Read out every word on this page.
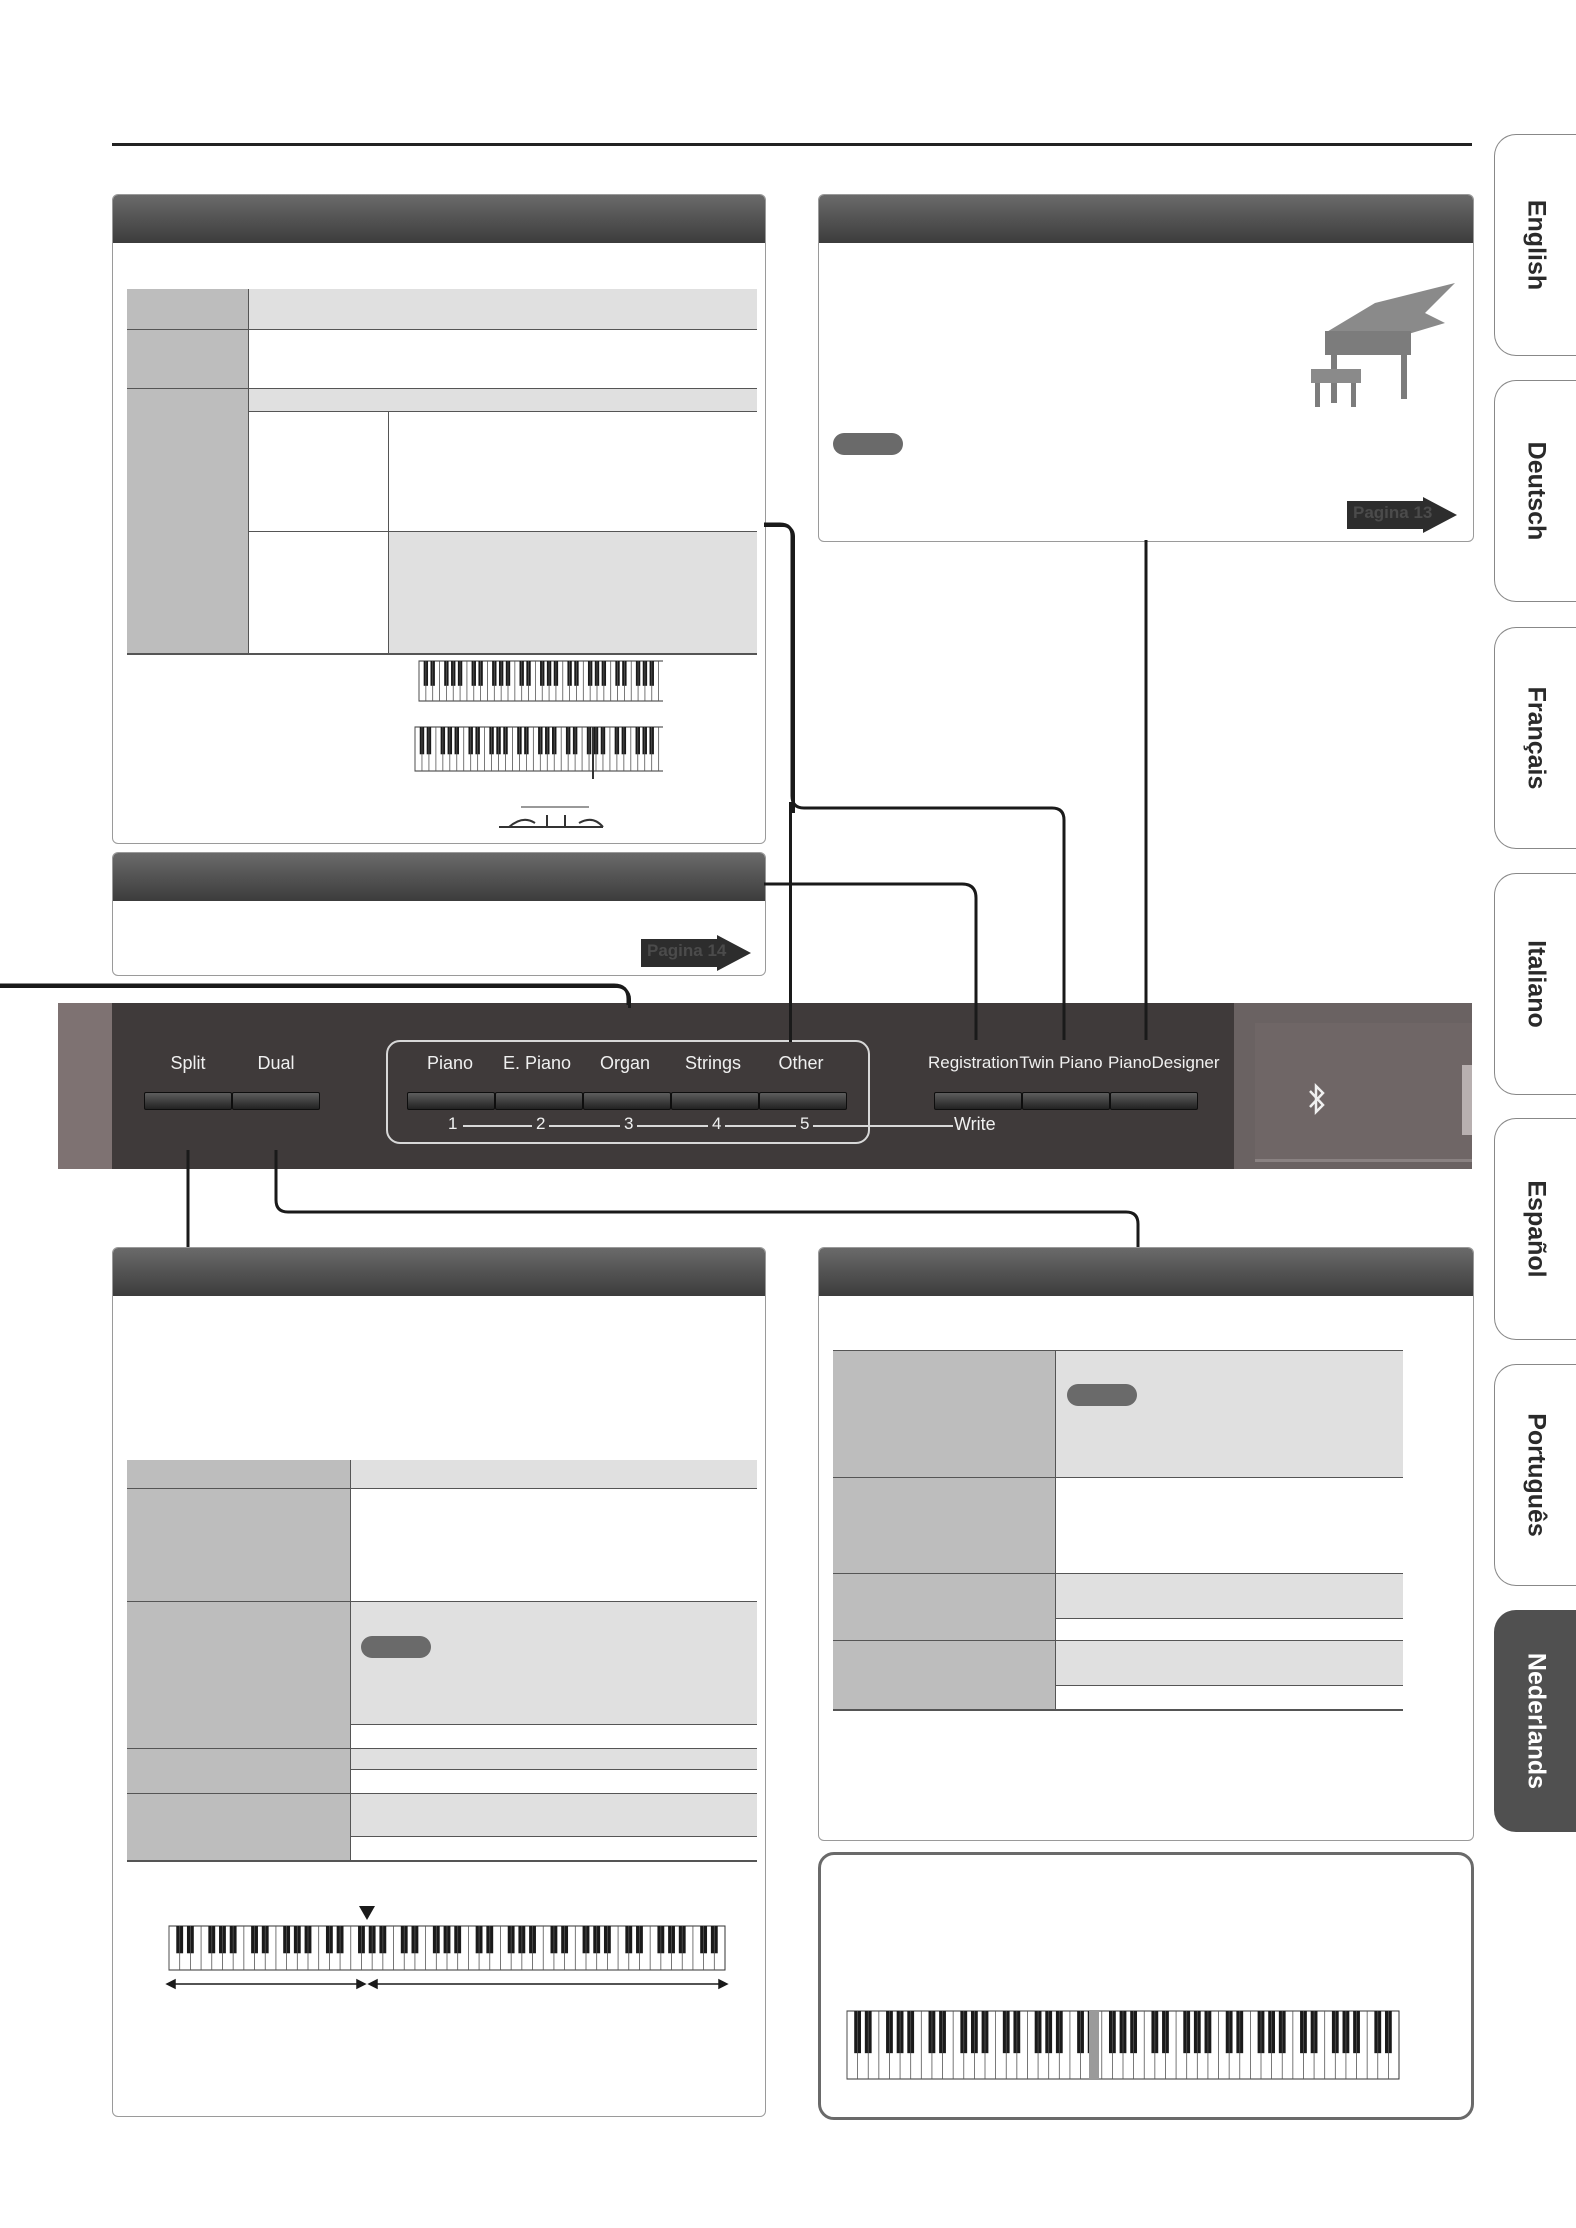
Pagina 14
Pagina 13
Split	Dual	Piano	E. Piano	Organ	Strings	Other
1	2	3	4	5	Write
Registration Twin Piano PianoDesigner
English
Deutsch
Français
Italiano
Español
Português
Nederlands
